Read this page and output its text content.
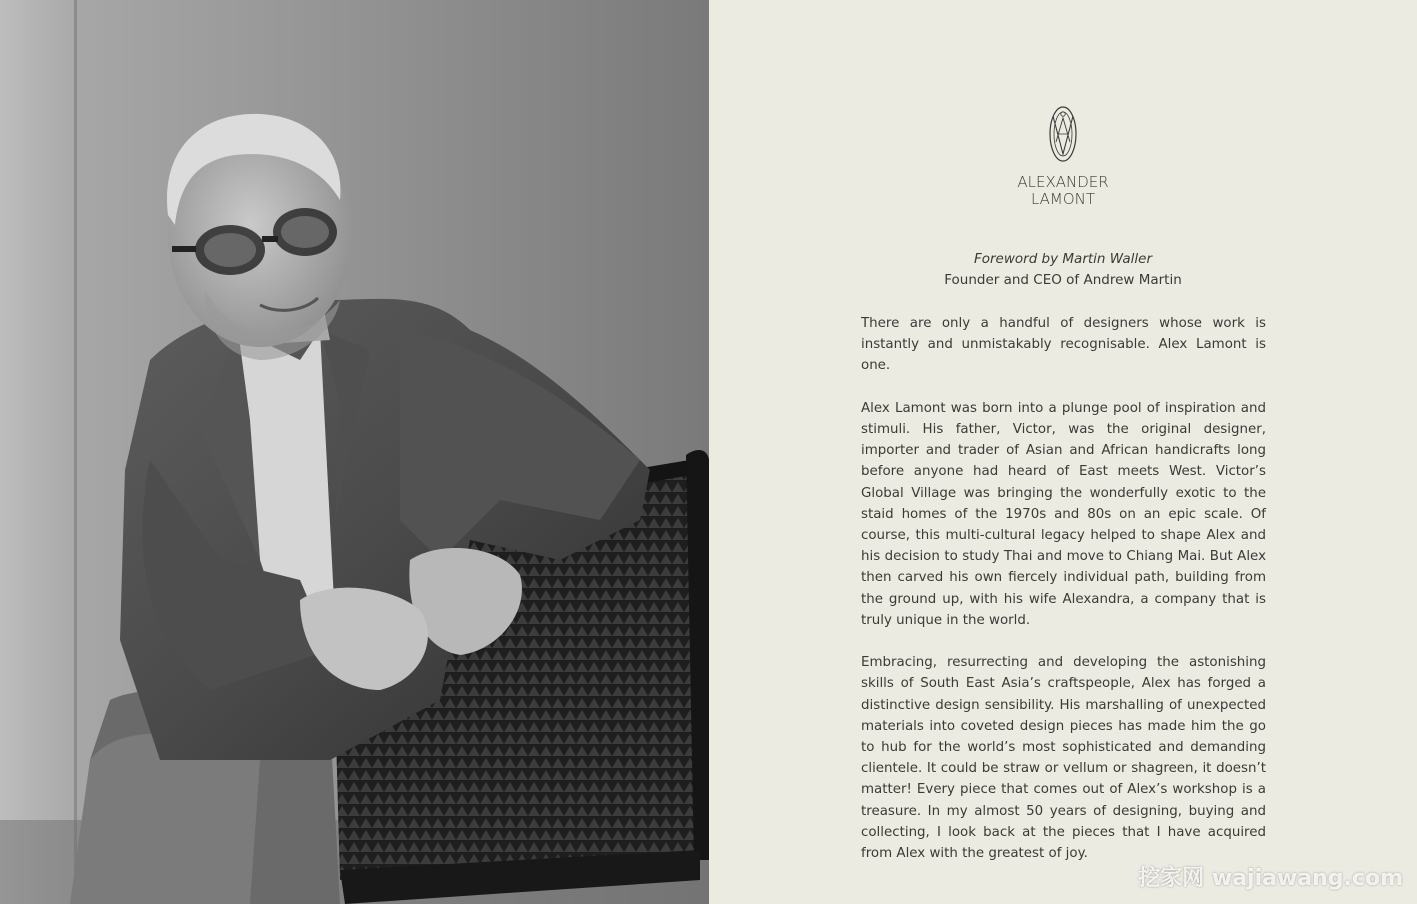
ALEXANDER
LAMONT
Foreword by Martin Waller
Founder and CEO of Andrew Martin

There are only a handful of designers whose work is instantly and unmistakably recognisable. Alex Lamont is one.

Alex Lamont was born into a plunge pool of inspiration and stimuli. His father, Victor, was the original designer, importer and trader of Asian and African handicrafts long before anyone had heard of East meets West. Victor’s Global Village was bringing the wonderfully exotic to the staid homes of the 1970s and 80s on an epic scale. Of course, this multi-cultural legacy helped to shape Alex and his decision to study Thai and move to Chiang Mai. But Alex then carved his own fiercely individual path, building from the ground up, with his wife Alexandra, a company that is truly unique in the world.

Embracing, resurrecting and developing the astonishing skills of South East Asia’s craftspeople, Alex has forged a distinctive design sensibility. His marshalling of unexpected materials into coveted design pieces has made him the go to hub for the world’s most sophisticated and demanding clientele. It could be straw or vellum or shagreen, it doesn’t matter! Every piece that comes out of Alex’s workshop is a treasure. In my almost 50 years of designing, buying and collecting, I look back at the pieces that I have acquired from Alex with the greatest of joy.

挖家网 wajiawang.com
